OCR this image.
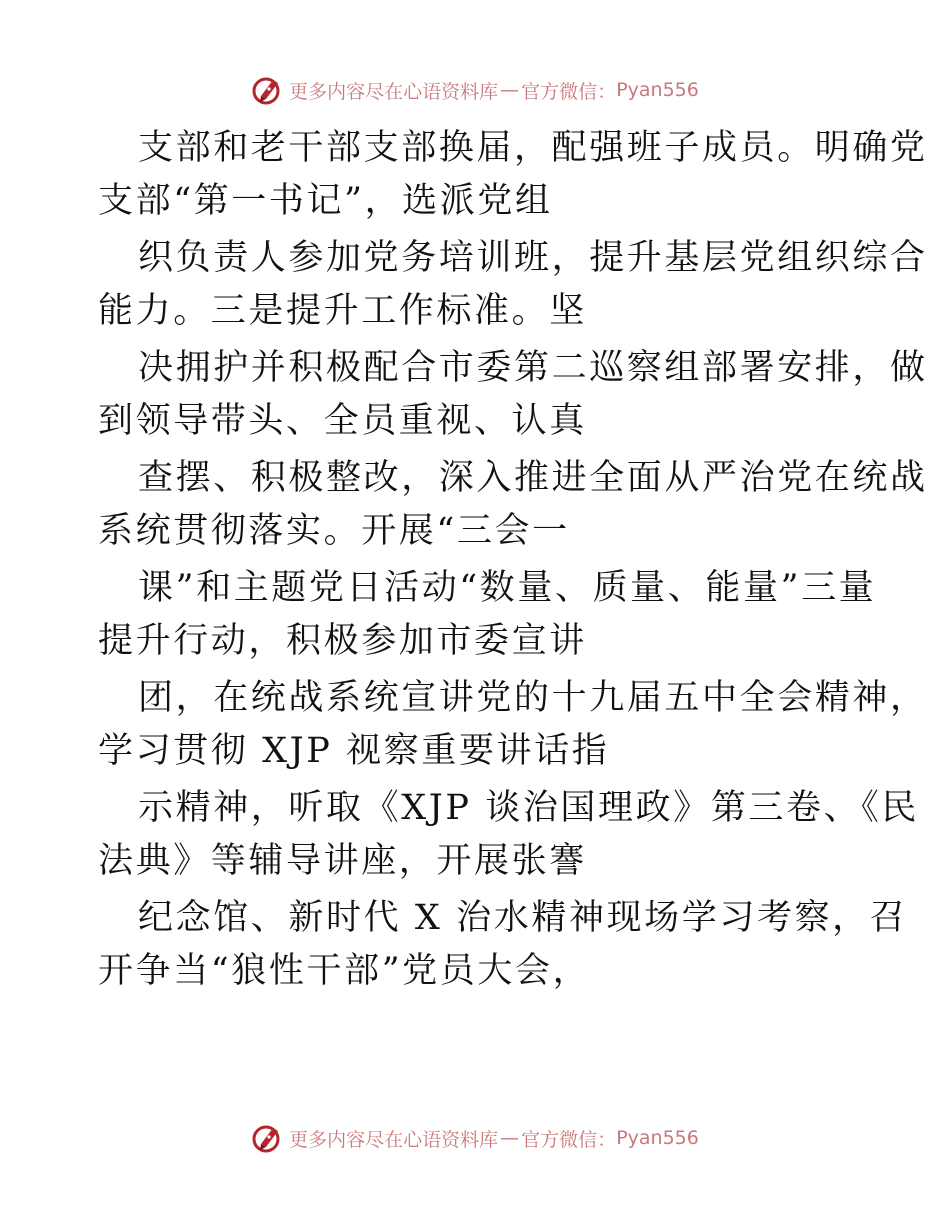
更多内容尽在心语资料库 — 官方微信： Pyan556
支部和老干部支部换届，配强班子成员。明确党
支部“第一书记”，选派党组
织负责人参加党务培训班，提升基层党组织综合
能力。三是提升工作标准。坚
决拥护并积极配合市委第二巡察组部署安排，做
到领导带头、全员重视、认真
查摆、积极整改，深入推进全面从严治党在统战
系统贯彻落实。开展“三会一
课”和主题党日活动“数量、质量、能量”三量
提升行动，积极参加市委宣讲
团，在统战系统宣讲党的十九届五中全会精神，
学习贯彻 XJP 视察重要讲话指
示精神，听取《XJP 谈治国理政》第三卷、《民
法典》等辅导讲座，开展张謇
纪念馆、新时代 X 治水精神现场学习考察，召
开争当“狼性干部”党员大会，
更多内容尽在心语资料库 — 官方微信： Pyan556
